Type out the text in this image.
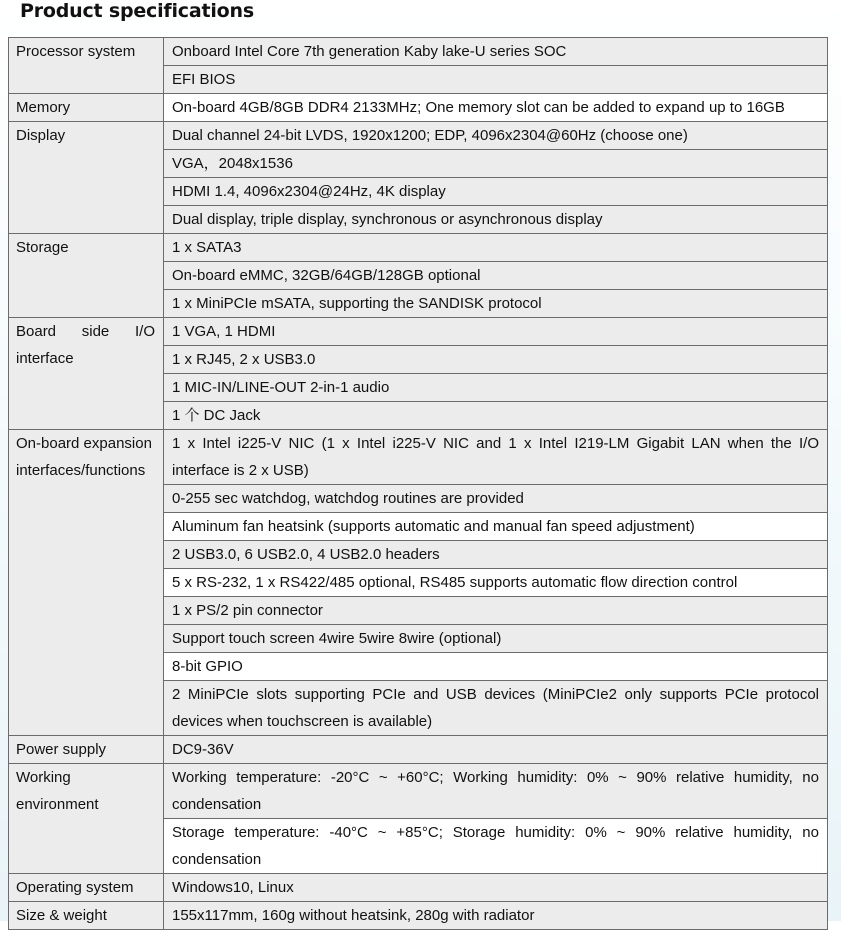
Product specifications
Processor system	Onboard Intel Core 7th generation Kaby lake-U series SOC
	EFI BIOS
Memory	On-board 4GB/8GB DDR4 2133MHz; One memory slot can be added to expand up to 16GB
Display	Dual channel 24-bit LVDS, 1920x1200; EDP, 4096x2304@60Hz (choose one)
	VGA，2048x1536
	HDMI 1.4, 4096x2304@24Hz, 4K display
	Dual display, triple display, synchronous or asynchronous display
Storage	1 x SATA3
	On-board eMMC, 32GB/64GB/128GB optional
	1 x MiniPCIe mSATA, supporting the SANDISK protocol
Board side I/O interface	1 VGA, 1 HDMI
	1 x RJ45, 2 x USB3.0
	1 MIC-IN/LINE-OUT 2-in-1 audio
	1 个 DC Jack
On-board expansion interfaces/functions	1 x Intel i225-V NIC (1 x Intel i225-V NIC and 1 x Intel I219-LM Gigabit LAN when the I/O interface is 2 x USB)
	0-255 sec watchdog, watchdog routines are provided
	Aluminum fan heatsink (supports automatic and manual fan speed adjustment)
	2 USB3.0, 6 USB2.0, 4 USB2.0 headers
	5 x RS-232, 1 x RS422/485 optional, RS485 supports automatic flow direction control
	1 x PS/2 pin connector
	Support touch screen 4wire 5wire 8wire (optional)
	8-bit GPIO
	2 MiniPCIe slots supporting PCIe and USB devices (MiniPCIe2 only supports PCIe protocol devices when touchscreen is available)
Power supply	DC9-36V
Working environment	Working temperature: -20°C ~ +60°C; Working humidity: 0% ~ 90% relative humidity, no condensation
	Storage temperature: -40°C ~ +85°C; Storage humidity: 0% ~ 90% relative humidity, no condensation
Operating system	Windows10, Linux
Size & weight	155x117mm, 160g without heatsink, 280g with radiator
